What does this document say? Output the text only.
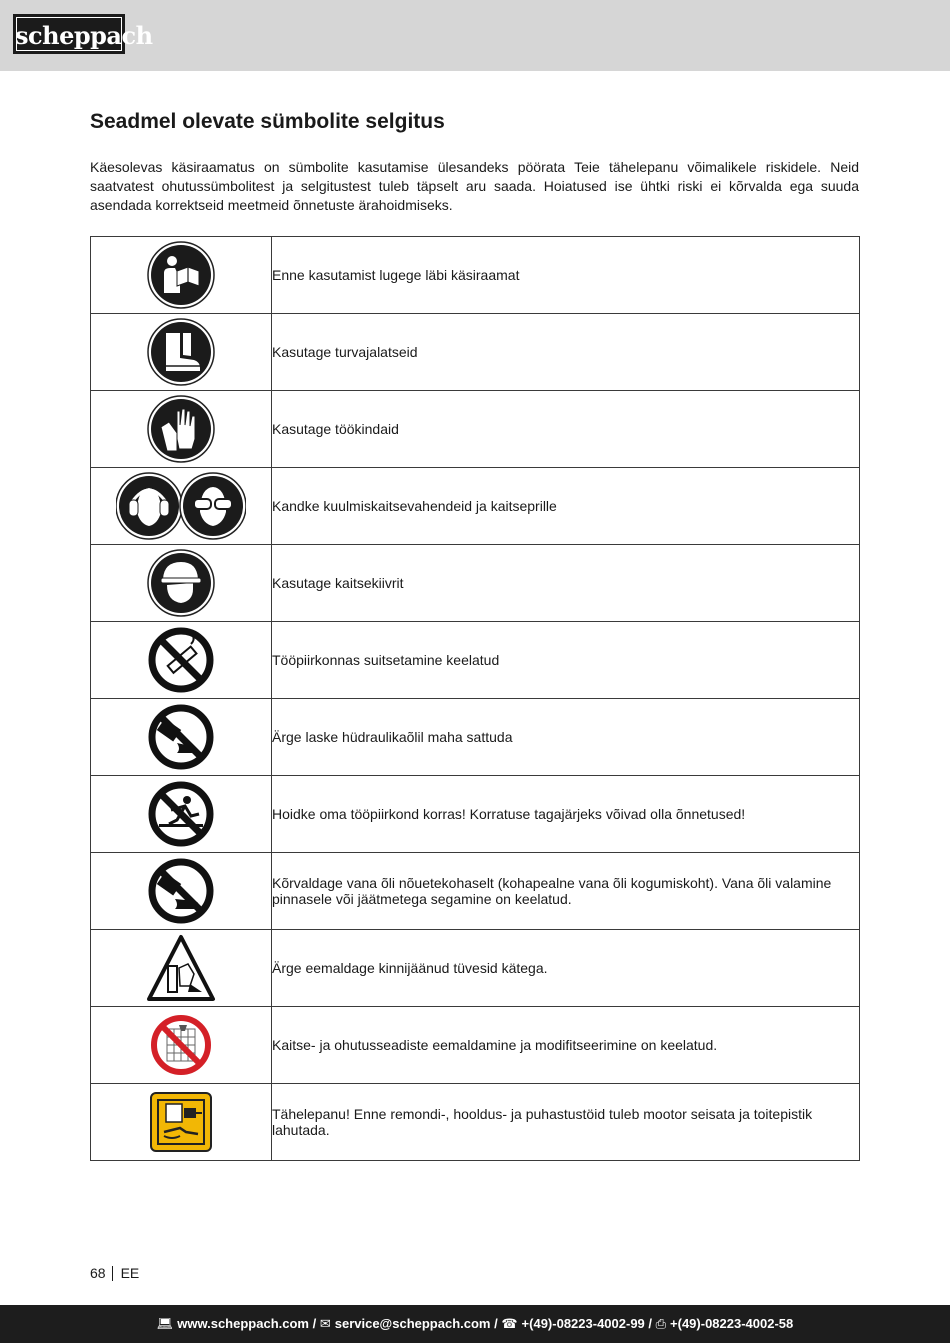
scheppach
Seadmel olevate sümbolite selgitus

Käesolevas käsiraamatus on sümbolite kasutamise ülesandeks pöörata Teie tähelepanu võimalikele riskidele. Neid saatvatest ohutussümbolitest ja selgitustest tuleb täpselt aru saada. Hoiatused ise ühtki riski ei kõrvalda ega suuda asendada korrektseid meetmeid õnnetuste ärahoidmiseks.

	Enne kasutamist lugege läbi käsiraamat

	Kasutage turvajalatseid

	Kasutage töökindaid

	Kandke kuulmiskaitsevahendeid ja kaitseprille

	Kasutage kaitsekiivrit

	Tööpiirkonnas suitsetamine keelatud

	Ärge laske hüdraulikaõlil maha sattuda

	Hoidke oma tööpiirkond korras! Korratuse tagajärjeks võivad olla õnnetused!

	Kõrvaldage vana õli nõuetekohaselt (kohapealne vana õli kogumiskoht). Vana õli valamine pinnasele või jäätmetega segamine on keelatud.

	Ärge eemaldage kinnijäänud tüvesid kätega.

	Kaitse- ja ohutusseadiste eemaldamine ja modifitseerimine on keelatud.

	Tähelepanu! Enne remondi-, hooldus- ja puhastustöid tuleb mootor seisata ja toitepistik lahutada.
68 EE
💻︎ www.scheppach.com / ✉︎ service@scheppach.com / ☎ +(49)-08223-4002-99 / ⎙ +(49)-08223-4002-58
